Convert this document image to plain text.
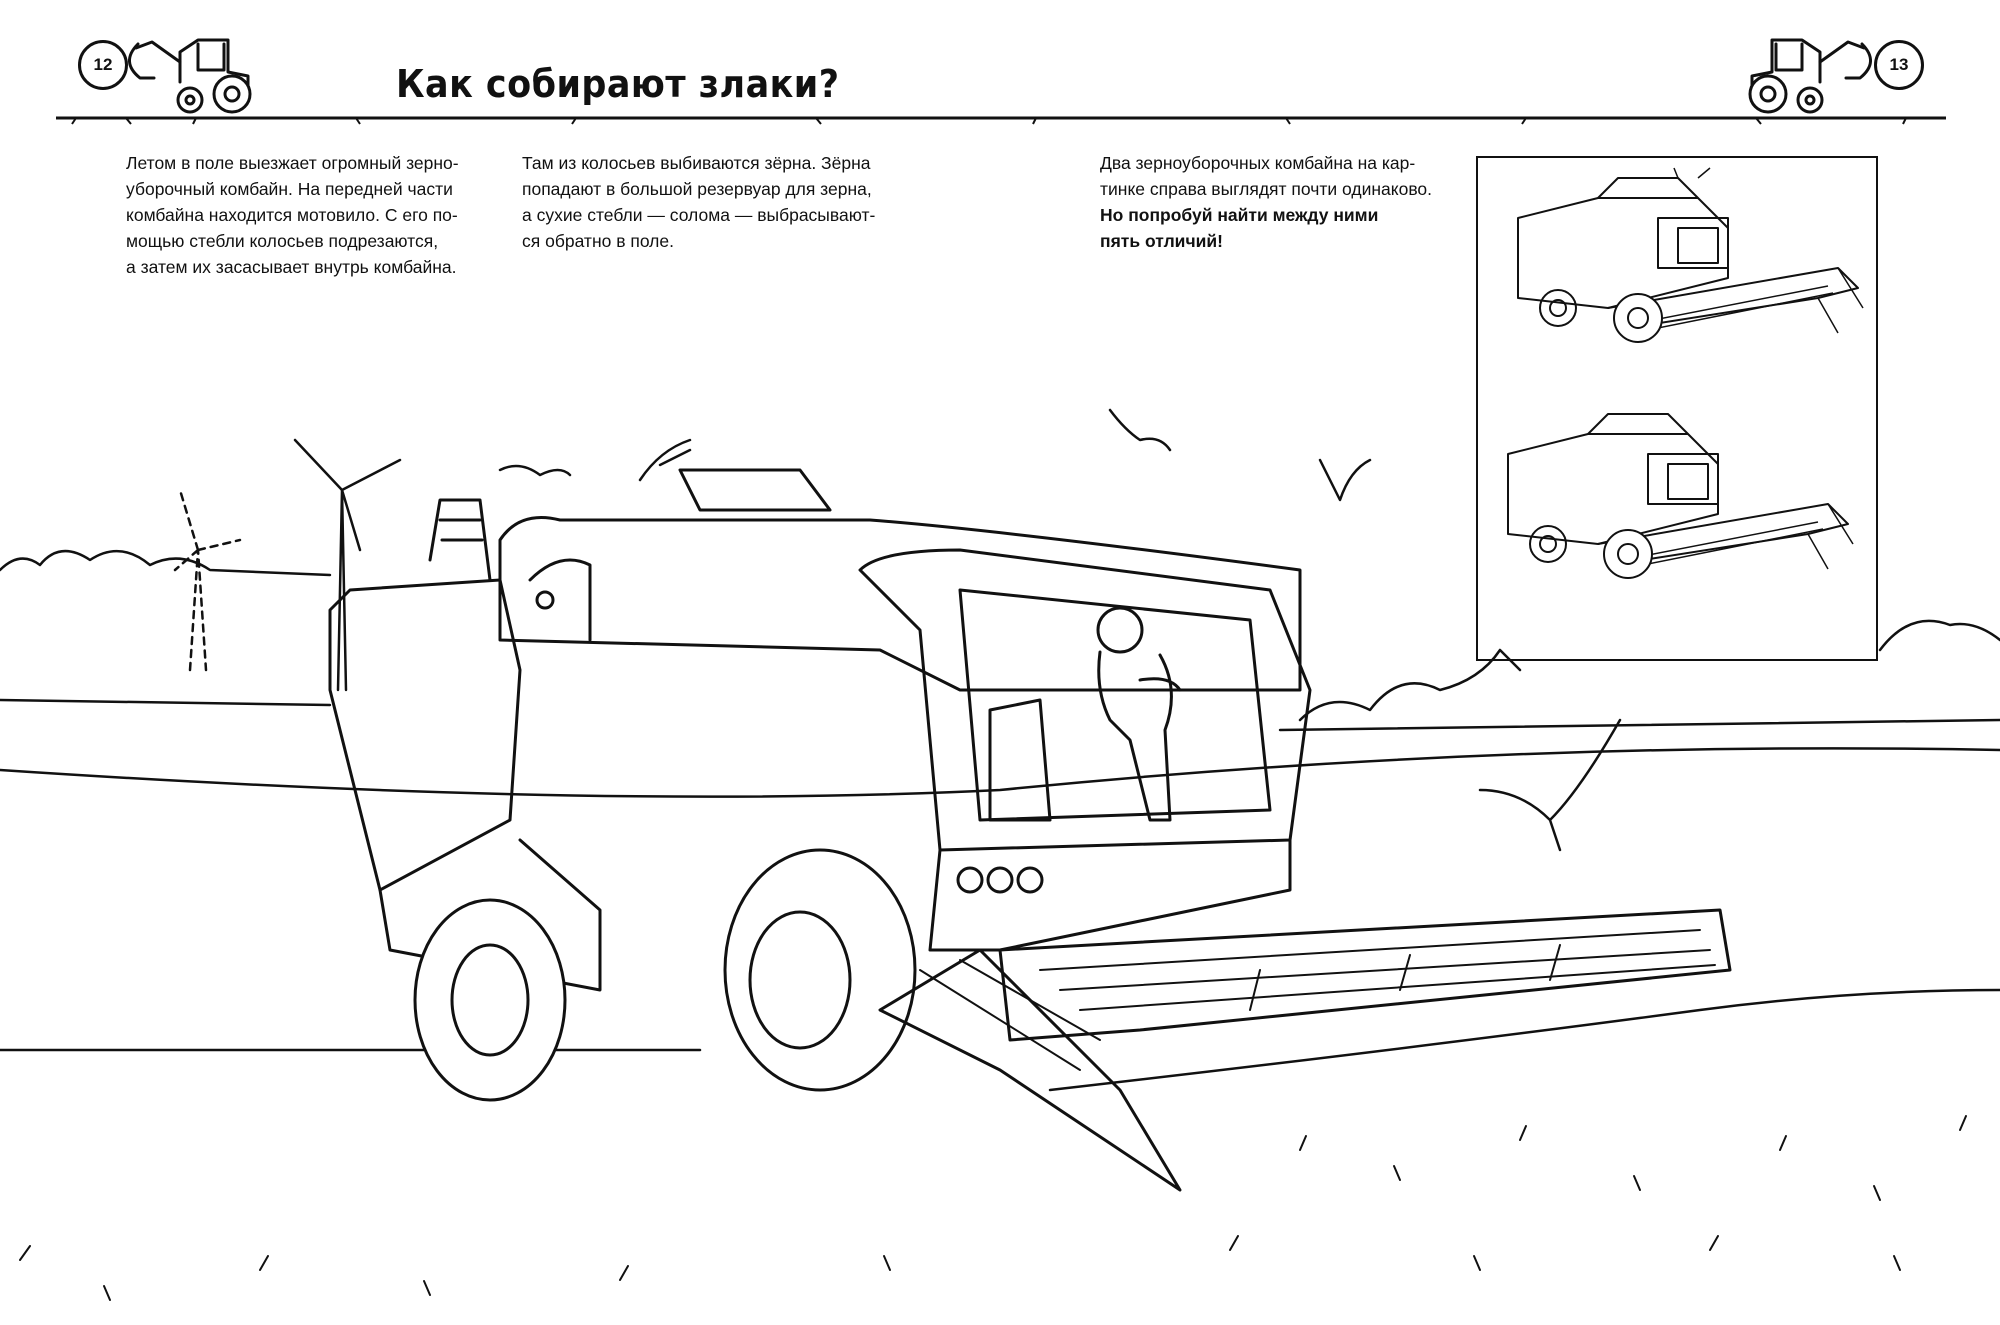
12	13
Как собирают злаки?

Летом в поле выезжает огромный зерно-
уборочный комбайн. На передней части
комбайна находится мотовило. С его по-
мощью стебли колосьев подрезаются,
а затем их засасывает внутрь комбайна.

Там из колосьев выбиваются зёрна. Зёрна
попадают в большой резервуар для зерна,
а сухие стебли — солома — выбрасывают-
ся обратно в поле.

Два зерноуборочных комбайна на кар-
тинке справа выглядят почти одинаково.
Но попробуй найти между ними
пять отличий!
